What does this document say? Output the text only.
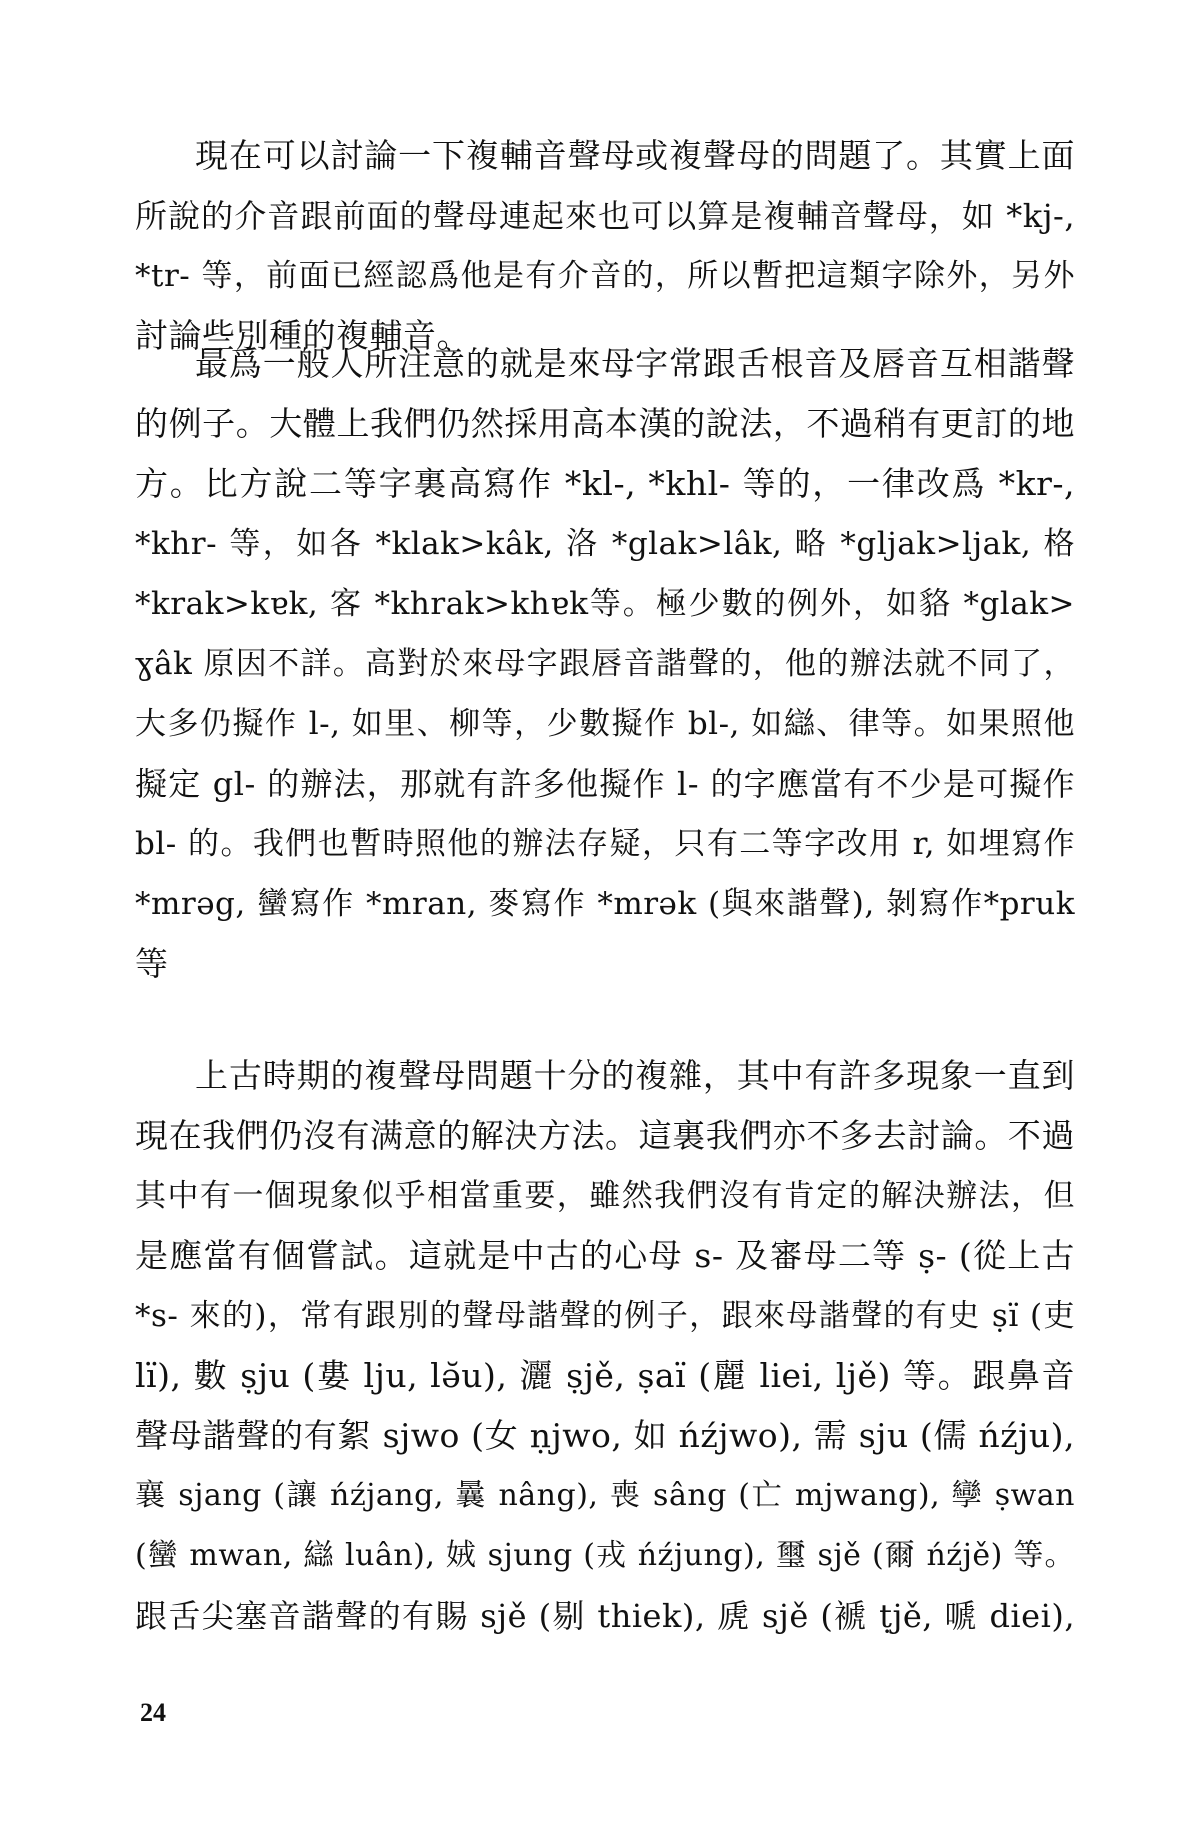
現在可以討論一下複輔音聲母或複聲母的問題了。其實上面
所說的介音跟前面的聲母連起來也可以算是複輔音聲母，如 *kj-,
*tr- 等，前面已經認爲他是有介音的，所以暫把這類字除外，另外
討論些別種的複輔音。
最爲一般人所注意的就是來母字常跟舌根音及唇音互相諧聲
的例子。大體上我們仍然採用高本漢的說法，不過稍有更訂的地
方。比方說二等字裏高寫作 *kl-, *khl- 等的，一律改爲 *kr-,
*khr- 等，如各 *klak>kâk, 洛 *glak>lâk, 略 *gljak>ljak, 格
*krak>kɐk, 客 *khrak>khɐk等。極少數的例外，如貉 *glak>
ɣâk 原因不詳。高對於來母字跟唇音諧聲的，他的辦法就不同了，
大多仍擬作 l-, 如里、柳等，少數擬作 bl-, 如䜌、律等。如果照他
擬定 gl- 的辦法，那就有許多他擬作 l- 的字應當有不少是可擬作
bl- 的。我們也暫時照他的辦法存疑，只有二等字改用 r, 如埋寫作
*mrəg, 蠻寫作 *mran, 麥寫作 *mrək (與來諧聲), 剝寫作*pruk
等
上古時期的複聲母問題十分的複雜，其中有許多現象一直到
現在我們仍沒有满意的解決方法。這裏我們亦不多去討論。不過
其中有一個現象似乎相當重要，雖然我們沒有肯定的解決辦法，但
是應當有個嘗試。這就是中古的心母 s- 及審母二等 ṣ- (從上古
*s- 來的)，常有跟別的聲母諧聲的例子，跟來母諧聲的有史 ṣï (吏
lï), 數 ṣju (婁 lju, lǝ̆u), 灑 ṣjě, ṣaï (麗 liei, ljě) 等。跟鼻音
聲母諧聲的有絮 sjwo (女 ṇjwo, 如 ńźjwo), 需 sju (儒 ńźju),
襄 sjang (讓 ńźjang, 曩 nâng), 喪 sâng (亡 mjwang), 孿 ṣwan
(蠻 mwan, 䜌 luân), 娀 sjung (戎 ńźjung), 璽 sjě (爾 ńźjě) 等。
跟舌尖塞音諧聲的有賜 sjě (剔 thiek), 虒 sjě (褫 ṭjě, 嗁 diei),
24
